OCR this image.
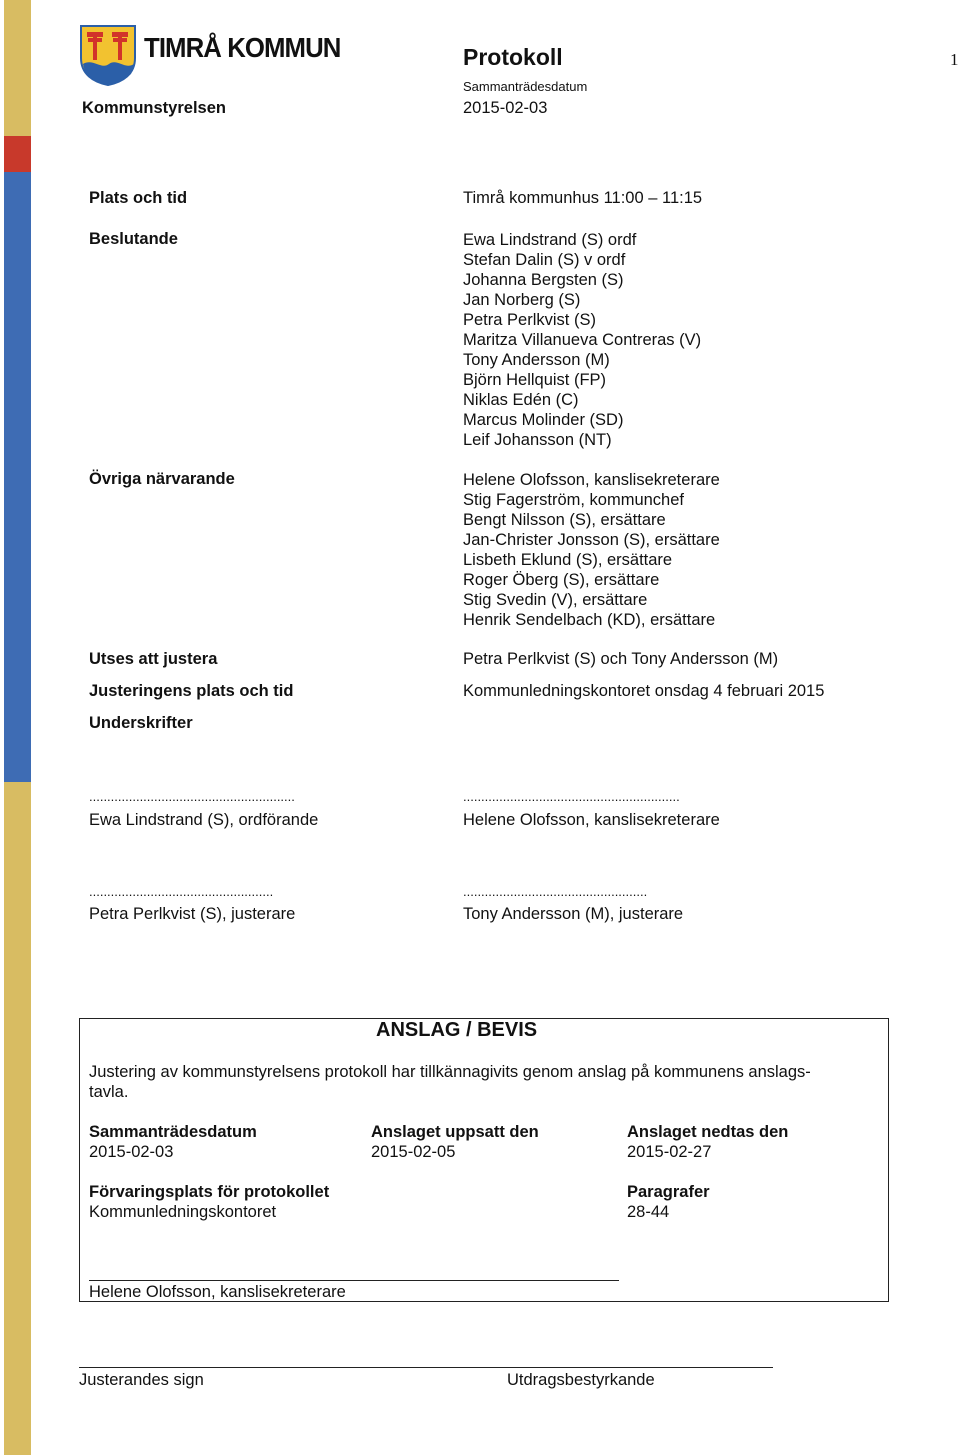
TIMRÅ KOMMUN	Protokoll	1
Sammanträdesdatum
2015-02-03
Kommunstyrelsen
Plats och tid	Timrå kommunhus 11:00 – 11:15
Beslutande	Ewa Lindstrand (S) ordf
Stefan Dalin (S) v ordf
Johanna Bergsten (S)
Jan Norberg (S)
Petra Perlkvist (S)
Maritza Villanueva Contreras (V)
Tony Andersson (M)
Björn Hellquist (FP)
Niklas Edén (C)
Marcus Molinder (SD)
Leif Johansson (NT)
Övriga närvarande	Helene Olofsson, kanslisekreterare
Stig Fagerström, kommunchef
Bengt Nilsson (S), ersättare
Jan-Christer Jonsson (S), ersättare
Lisbeth Eklund (S), ersättare
Roger Öberg (S), ersättare
Stig Svedin (V), ersättare
Henrik Sendelbach (KD), ersättare
Utses att justera	Petra Perlkvist (S) och Tony Andersson (M)
Justeringens plats och tid	Kommunledningskontoret onsdag 4 februari 2015
Underskrifter
.........................................................
Ewa Lindstrand (S), ordförande
............................................................
Helene Olofsson, kanslisekreterare
...................................................
Petra Perlkvist (S), justerare
...................................................
Tony Andersson (M), justerare
ANSLAG / BEVIS
Justering av kommunstyrelsens protokoll har tillkännagivits genom anslag på kommunens anslags-
tavla.
Sammanträdesdatum
2015-02-03
Anslaget uppsatt den
2015-02-05
Anslaget nedtas den
2015-02-27
Förvaringsplats för protokollet
Kommunledningskontoret
Paragrafer
28-44
Helene Olofsson, kanslisekreterare
Justerandes sign	Utdragsbestyrkande
